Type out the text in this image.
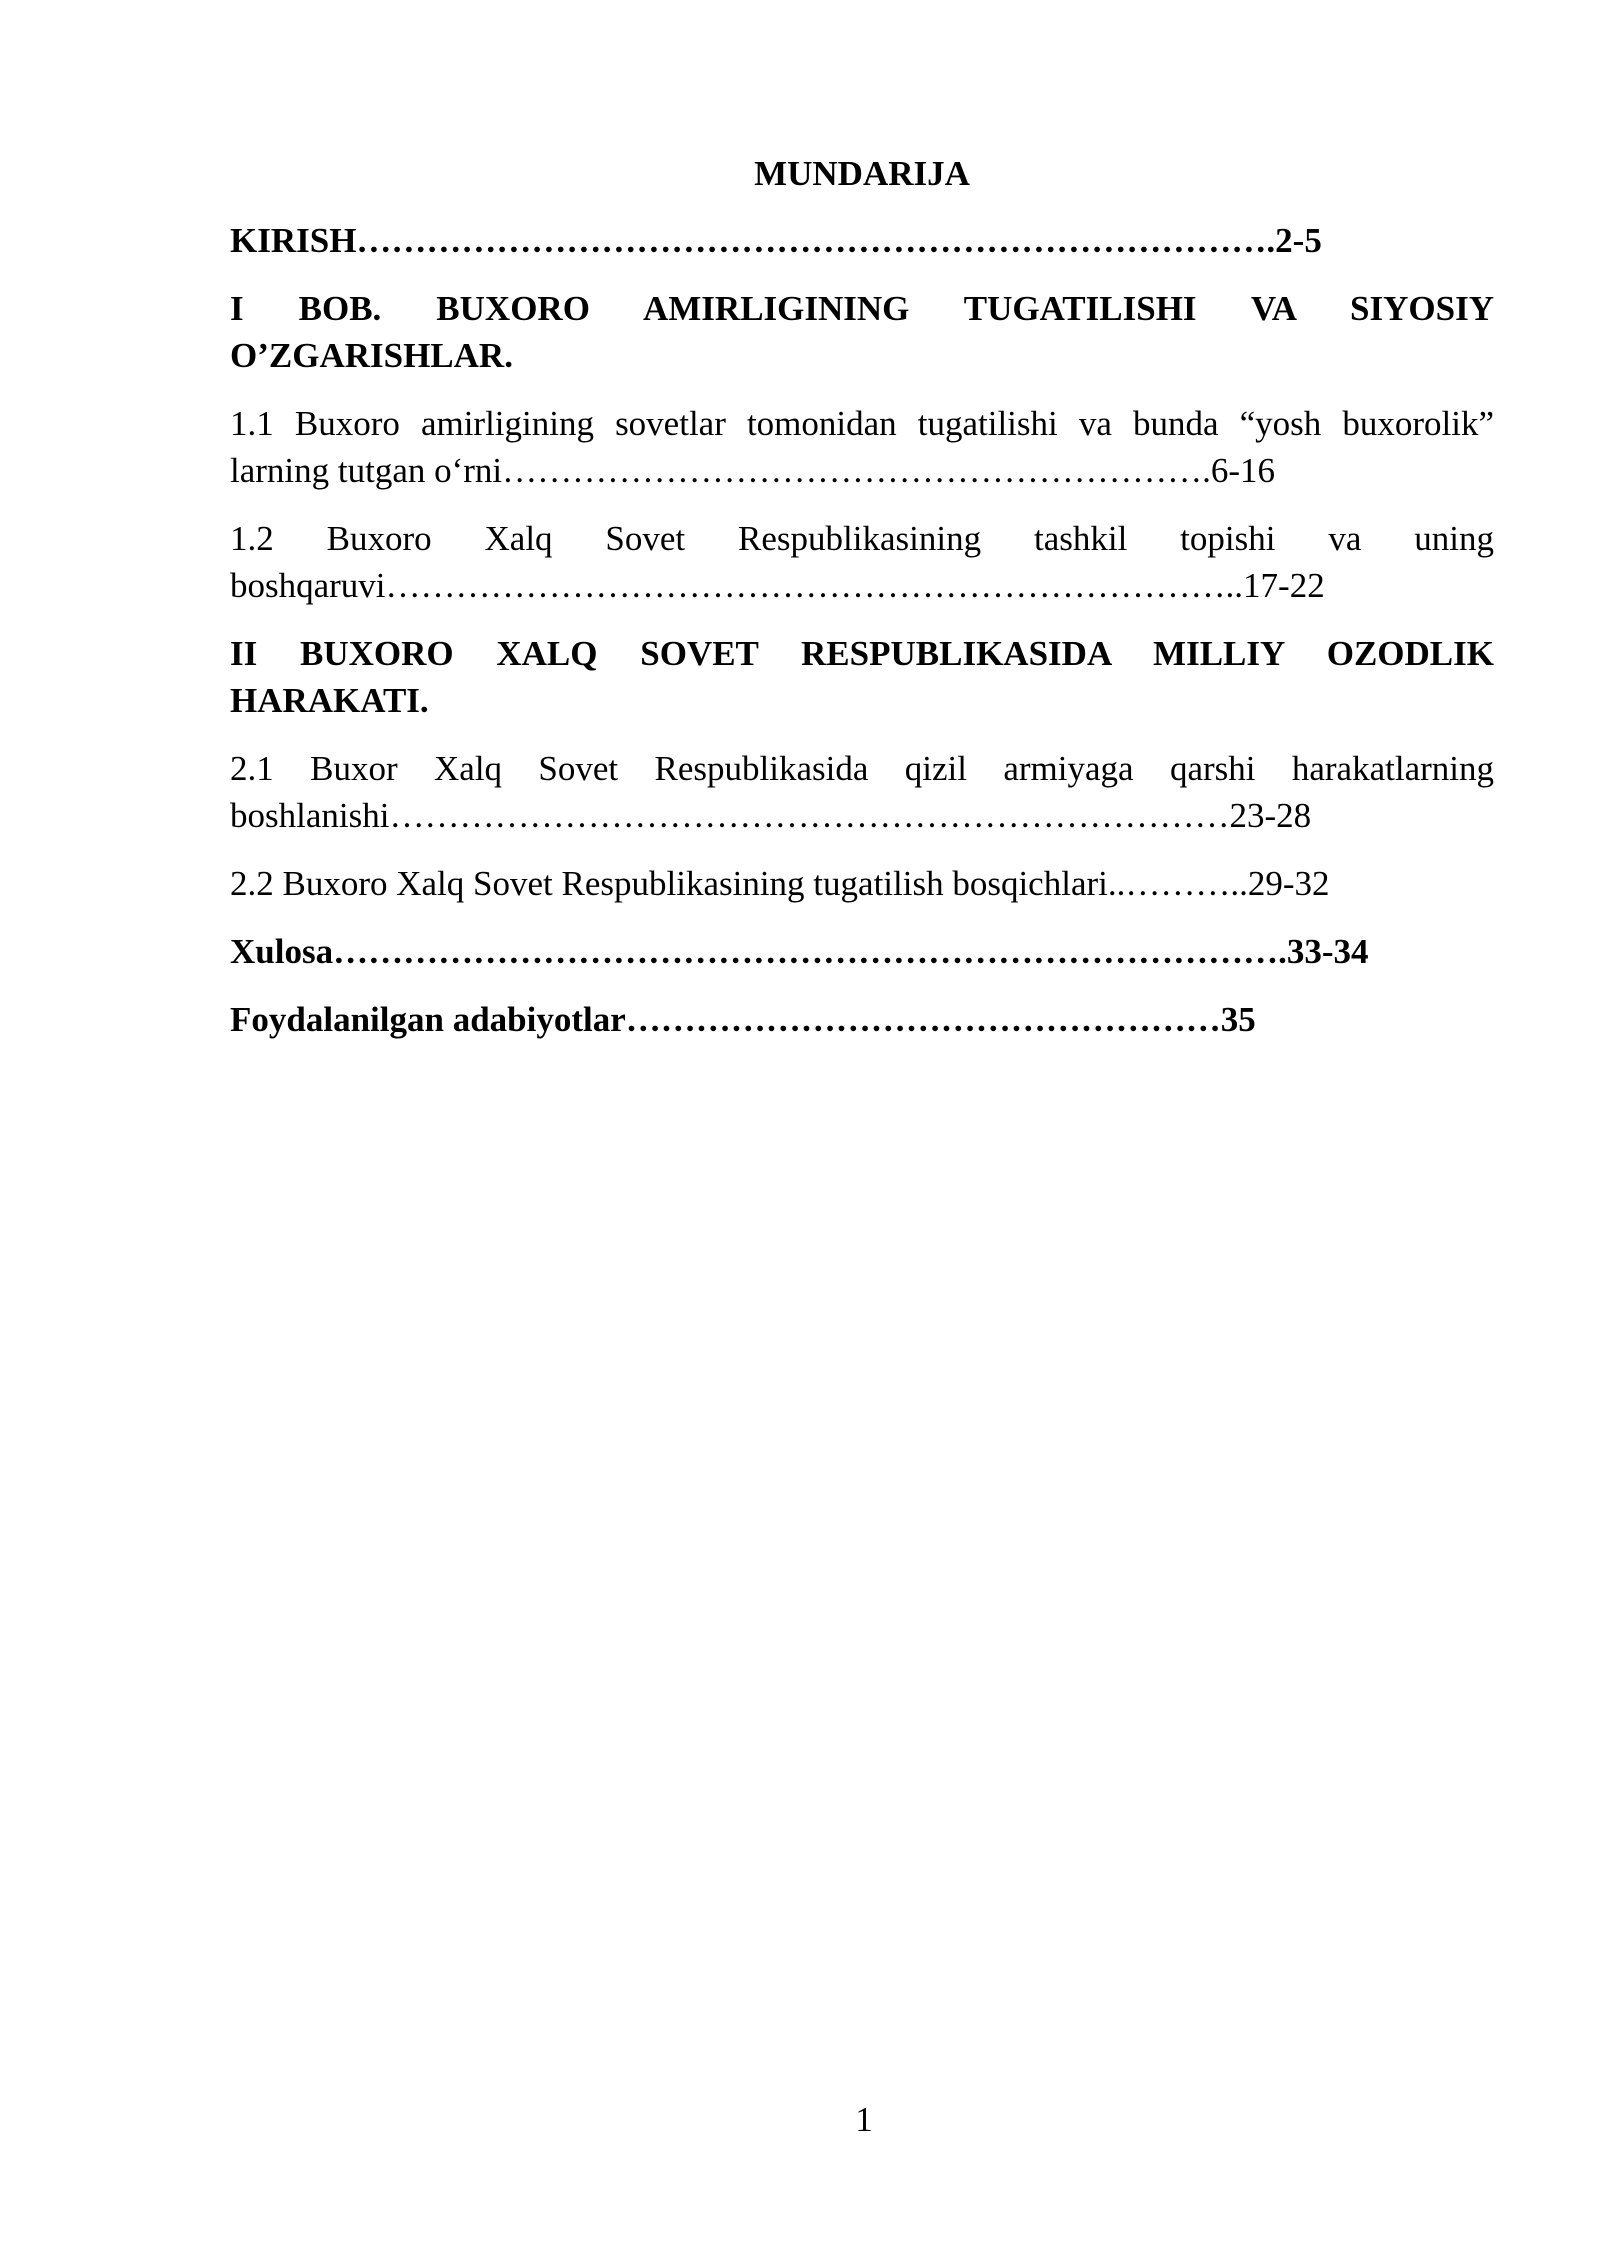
MUNDARIJA
KIRISH…………………………………………………………………….2-5
I BOB. BUXORO AMIRLIGINING TUGATILISHI VA SIYOSIY
O’ZGARISHLAR.
1.1 Buxoro amirligining sovetlar tomonidan tugatilishi va bunda “yosh buxorolik”
larning tutgan o‘rni…………………………………………………….6-16
1.2 Buxoro Xalq Sovet Respublikasining tashkil topishi va uning
boshqaruvi………………………………………………………………..17-22
II BUXORO XALQ SOVET RESPUBLIKASIDA MILLIY OZODLIK
HARAKATI.
2.1 Buxor Xalq Sovet Respublikasida qizil armiyaga qarshi harakatlarning
boshlanishi………………………………………………………………23-28
2.2 Buxoro Xalq Sovet Respublikasining tugatilish bosqichlari..………..29-32
Xulosa……………………………………………………………………….33-34
Foydalanilgan adabiyotlar……………………………………………35
1
